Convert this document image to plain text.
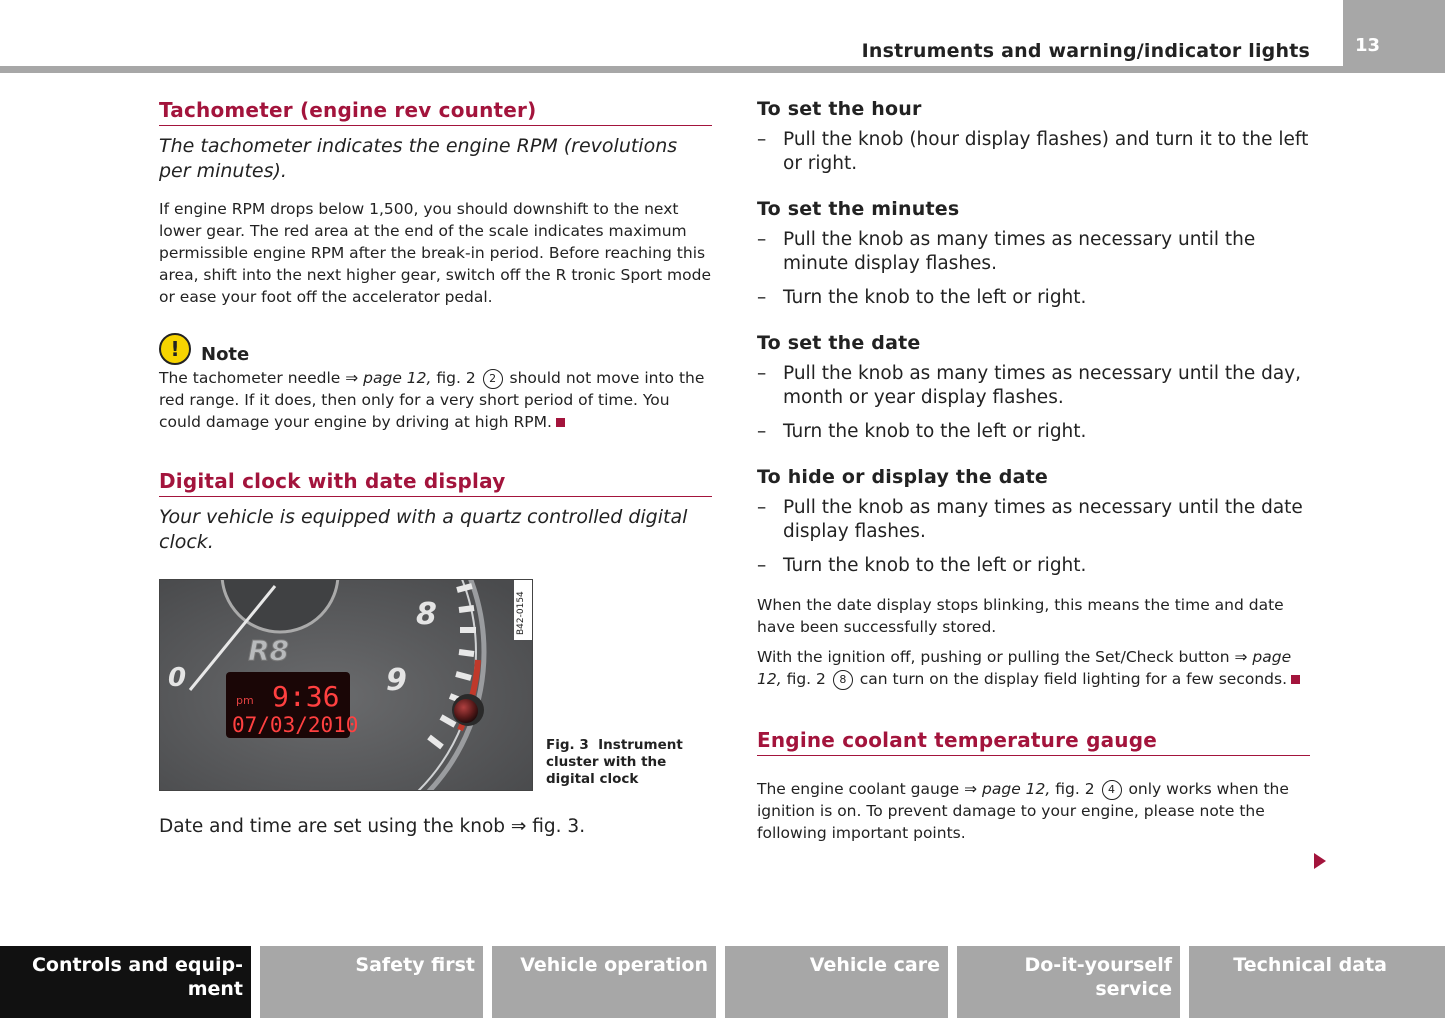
Instruments and warning/indicator lights	13
Tachometer (engine rev counter)
The tachometer indicates the engine RPM (revolutions per minutes).
If engine RPM drops below 1,500, you should downshift to the next lower gear. The red area at the end of the scale indicates maximum permissible engine RPM after the break-in period. Before reaching this area, shift into the next higher gear, switch off the R tronic Sport mode or ease your foot off the accelerator pedal.
!	Note
The tachometer needle ⇒ page 12, fig. 2 2 should not move into the red range. If it does, then only for a very short period of time. You could damage your engine by driving at high RPM.
Digital clock with date display
Your vehicle is equipped with a quartz controlled digital clock.
8
9
0
R8
pm 9:36
07/03/2010
B42-0154
Fig. 3 Instrument cluster with the digital clock
Date and time are set using the knob ⇒ fig. 3.
To set the hour
– Pull the knob (hour display flashes) and turn it to the left or right.
To set the minutes
– Pull the knob as many times as necessary until the minute display flashes.
– Turn the knob to the left or right.
To set the date
– Pull the knob as many times as necessary until the day, month or year display flashes.
– Turn the knob to the left or right.
To hide or display the date
– Pull the knob as many times as necessary until the date display flashes.
– Turn the knob to the left or right.
When the date display stops blinking, this means the time and date have been successfully stored.
With the ignition off, pushing or pulling the Set/Check button ⇒ page 12, fig. 2 8 can turn on the display field lighting for a few seconds.
Engine coolant temperature gauge
The engine coolant gauge ⇒ page 12, fig. 2 4 only works when the ignition is on. To prevent damage to your engine, please note the following important points.
Controls and equip-
ment
Safety first	Vehicle operation	Vehicle care	Do-it-yourself service
Technical data
